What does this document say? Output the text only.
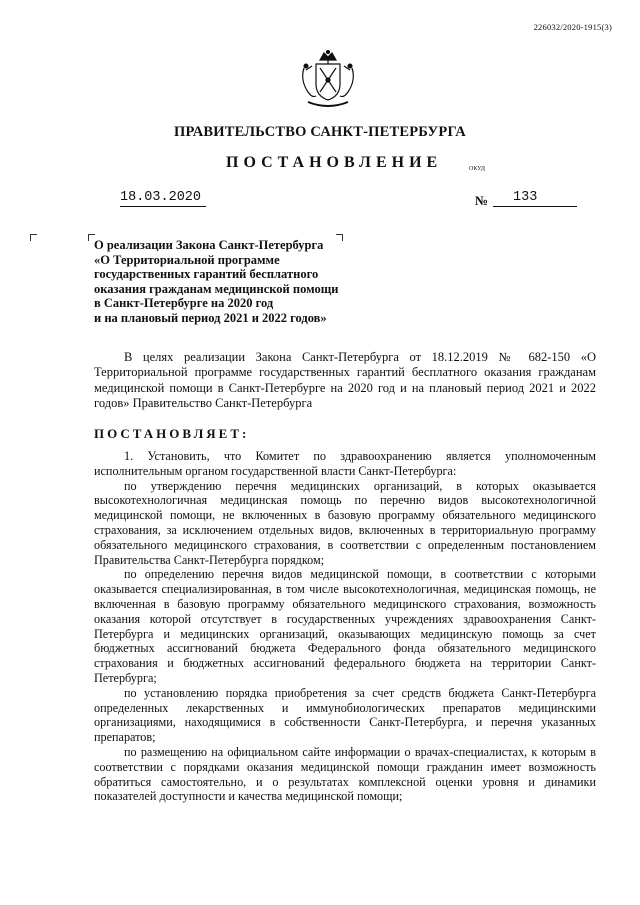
226032/2020-1915(3)
ПРАВИТЕЛЬСТВО САНКТ-ПЕТЕРБУРГА
ПОСТАНОВЛЕНИЕ	ОКУД
18.03.2020	№	133
О реализации Закона Санкт-Петербурга
«О Территориальной программе
государственных гарантий бесплатного
оказания гражданам медицинской помощи
в Санкт-Петербурге на 2020 год
и на плановый период 2021 и 2022 годов»

В целях реализации Закона Санкт-Петербурга от 18.12.2019 № 682-150 «О Территориальной программе государственных гарантий бесплатного оказания гражданам медицинской помощи в Санкт-Петербурге на 2020 год и на плановый период 2021 и 2022 годов» Правительство Санкт-Петербурга

ПОСТАНОВЛЯЕТ:

1. Установить, что Комитет по здравоохранению является уполномоченным исполнительным органом государственной власти Санкт-Петербурга:

по утверждению перечня медицинских организаций, в которых оказывается высокотехнологичная медицинская помощь по перечню видов высокотехнологичной медицинской помощи, не включенных в базовую программу обязательного медицинского страхования, за исключением отдельных видов, включенных в территориальную программу обязательного медицинского страхования, в соответствии с определенным постановлением Правительства Санкт-Петербурга порядком;

по определению перечня видов медицинской помощи, в соответствии с которыми оказывается специализированная, в том числе высокотехнологичная, медицинская помощь, не включенная в базовую программу обязательного медицинского страхования, возможность оказания которой отсутствует в государственных учреждениях здравоохранения Санкт-Петербурга и медицинских организаций, оказывающих медицинскую помощь за счет бюджетных ассигнований бюджета Федерального фонда обязательного медицинского страхования и бюджетных ассигнований федерального бюджета на территории Санкт-Петербурга;

по установлению порядка приобретения за счет средств бюджета Санкт-Петербурга определенных лекарственных и иммунобиологических препаратов медицинскими организациями, находящимися в собственности Санкт-Петербурга, и перечня указанных препаратов;

по размещению на официальном сайте информации о врачах-специалистах, к которым в соответствии с порядками оказания медицинской помощи гражданин имеет возможность обратиться самостоятельно, и о результатах комплексной оценки уровня и динамики показателей доступности и качества медицинской помощи;
